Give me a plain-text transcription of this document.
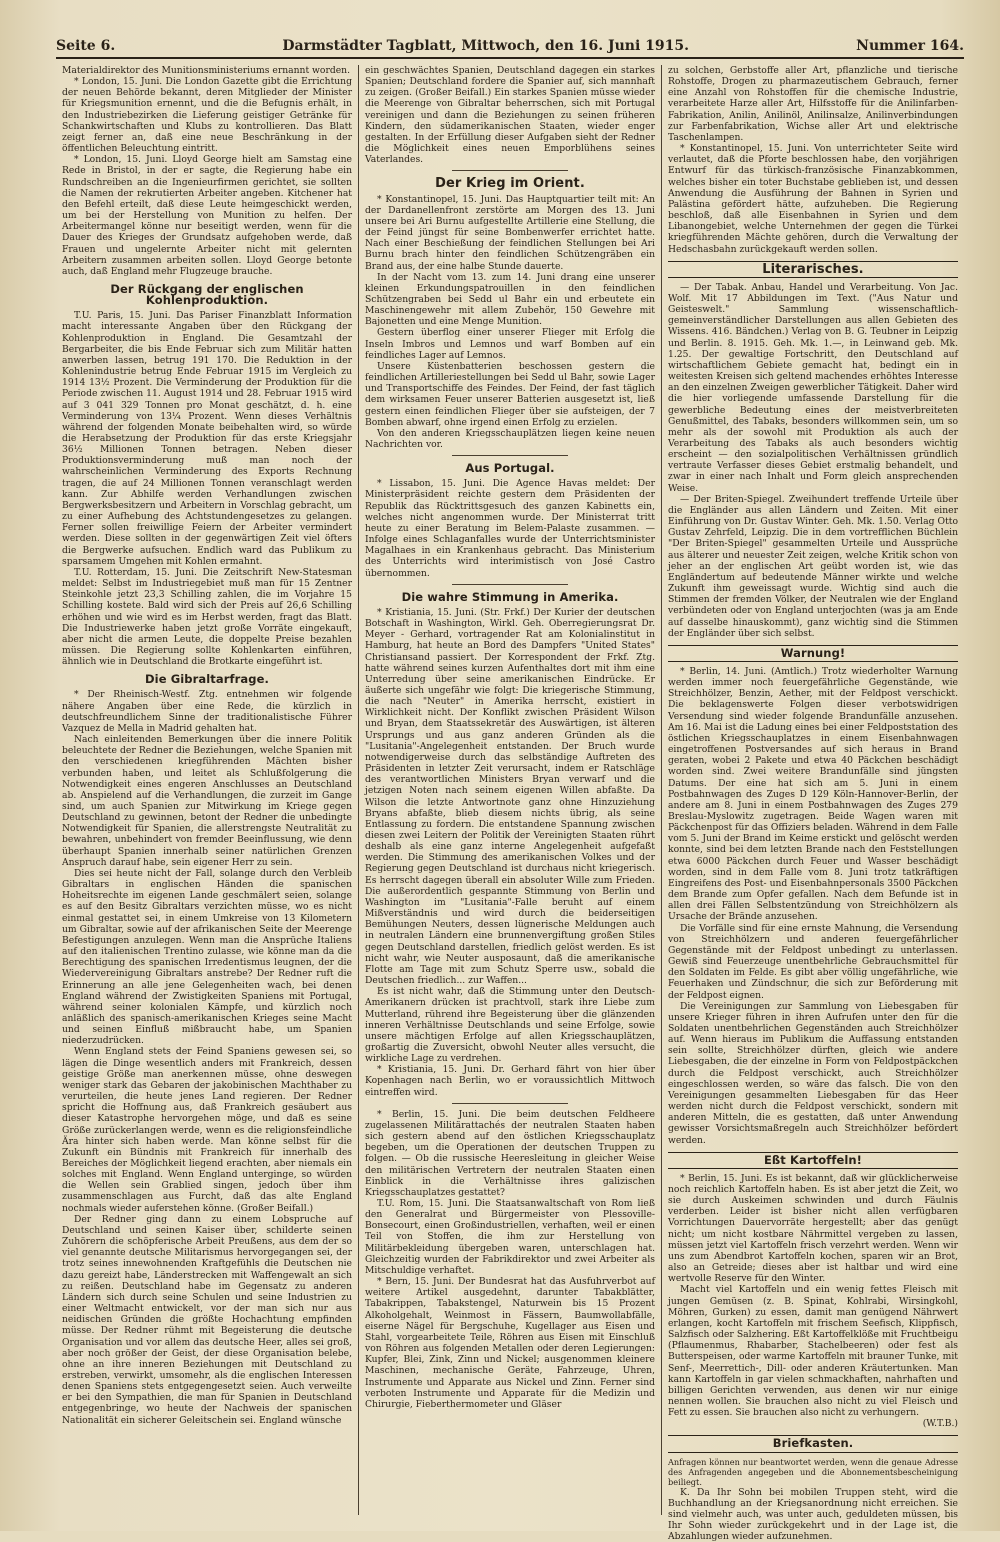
Seite 6.	Darmstädter Tagblatt, Mittwoch, den 16. Juni 1915.	Nummer 164.

Materialdirektor des Munitionsministeriums ernannt worden.

* London, 15. Juni. Die London Gazette gibt die Errichtung der neuen Behörde bekannt, deren Mitglieder der Minister für Kriegsmunition ernennt, und die die Befugnis erhält, in den Industriebezirken die Lieferung geistiger Getränke für Schankwirtschaften und Klubs zu kontrollieren. Das Blatt zeigt ferner an, daß eine neue Beschränkung in der öffentlichen Beleuchtung eintritt.

* London, 15. Juni. Lloyd George hielt am Samstag eine Rede in Bristol, in der er sagte, die Regierung habe ein Rundschreiben an die Ingenieurfirmen gerichtet, sie sollten die Namen der rekrutierten Arbeiter angeben. Kitchener hat den Befehl erteilt, daß diese Leute heimgeschickt werden, um bei der Herstellung von Munition zu helfen. Der Arbeitermangel könne nur beseitigt werden, wenn für die Dauer des Krieges der Grundsatz aufgehoben werde, daß Frauen und ungelernte Arbeiter nicht mit gelernten Arbeitern zusammen arbeiten sollen. Lloyd George betonte auch, daß England mehr Flugzeuge brauche.

Der Rückgang der englischen Kohlenproduktion.

T.U. Paris, 15. Juni. Das Pariser Finanzblatt Information macht interessante Angaben über den Rückgang der Kohlenproduktion in England. Die Gesamtzahl der Bergarbeiter, die bis Ende Februar sich zum Militär hatten anwerben lassen, betrug 191 170. Die Reduktion in der Kohlenindustrie betrug Ende Februar 1915 im Vergleich zu 1914 13½ Prozent. Die Verminderung der Produktion für die Periode zwischen 11. August 1914 und 28. Februar 1915 wird auf 3 041 329 Tonnen pro Monat geschätzt, d. h. eine Verminderung von 13¼ Prozent. Wenn dieses Verhältnis während der folgenden Monate beibehalten wird, so würde die Herabsetzung der Produktion für das erste Kriegsjahr 36½ Millionen Tonnen betragen. Neben dieser Produktionsverminderung muß man noch der wahrscheinlichen Verminderung des Exports Rechnung tragen, die auf 24 Millionen Tonnen veranschlagt werden kann. Zur Abhilfe werden Verhandlungen zwischen Bergwerksbesitzern und Arbeitern in Vorschlag gebracht, um zu einer Aufhebung des Achtstundengesetzes zu gelangen. Ferner sollen freiwillige Feiern der Arbeiter vermindert werden. Diese sollten in der gegenwärtigen Zeit viel öfters die Bergwerke aufsuchen. Endlich ward das Publikum zu sparsamem Umgehen mit Kohlen ermahnt.

T.U. Rotterdam, 15. Juni. Die Zeitschrift New-Statesman meldet: Selbst im Industriegebiet muß man für 15 Zentner Steinkohle jetzt 23,3 Schilling zahlen, die im Vorjahre 15 Schilling kostete. Bald wird sich der Preis auf 26,6 Schilling erhöhen und wie wird es im Herbst werden, fragt das Blatt. Die Industriewerke haben jetzt große Vorräte eingekauft, aber nicht die armen Leute, die doppelte Preise bezahlen müssen. Die Regierung sollte Kohlenkarten einführen, ähnlich wie in Deutschland die Brotkarte eingeführt ist.

Die Gibraltarfrage.

* Der Rheinisch-Westf. Ztg. entnehmen wir folgende nähere Angaben über eine Rede, die kürzlich in deutschfreundlichem Sinne der traditionalistische Führer Vazquez de Mella in Madrid gehalten hat.

Nach einleitenden Bemerkungen über die innere Politik beleuchtete der Redner die Beziehungen, welche Spanien mit den verschiedenen kriegführenden Mächten bisher verbunden haben, und leitet als Schlußfolgerung die Notwendigkeit eines engeren Anschlusses an Deutschland ab. Anspielend auf die Verhandlungen, die zurzeit im Gange sind, um auch Spanien zur Mitwirkung im Kriege gegen Deutschland zu gewinnen, betont der Redner die unbedingte Notwendigkeit für Spanien, die allerstrengste Neutralität zu bewahren, unbehindert von fremder Beeinflussung, wie denn überhaupt Spanien innerhalb seiner natürlichen Grenzen Anspruch darauf habe, sein eigener Herr zu sein.

Dies sei heute nicht der Fall, solange durch den Verbleib Gibraltars in englischen Händen die spanischen Hoheitsrechte im eigenen Lande geschmälert seien, solange es auf den Besitz Gibraltars verzichten müsse, wo es nicht einmal gestattet sei, in einem Umkreise von 13 Kilometern um Gibraltar, sowie auf der afrikanischen Seite der Meerenge Befestigungen anzulegen. Wenn man die Ansprüche Italiens auf den italienischen Trentino zulasse, wie könne man da die Berechtigung des spanischen Irredentismus leugnen, der die Wiedervereinigung Gibraltars anstrebe? Der Redner ruft die Erinnerung an alle jene Gelegenheiten wach, bei denen England während der Zwistigkeiten Spaniens mit Portugal, während seiner kolonialen Kämpfe, und kürzlich noch anläßlich des spanisch-amerikanischen Krieges seine Macht und seinen Einfluß mißbraucht habe, um Spanien niederzudrücken.

Wenn England stets der Feind Spaniens gewesen sei, so lägen die Dinge wesentlich anders mit Frankreich, dessen geistige Größe man anerkennen müsse, ohne deswegen weniger stark das Gebaren der jakobinischen Machthaber zu verurteilen, die heute jenes Land regieren. Der Redner spricht die Hoffnung aus, daß Frankreich gesäubert aus dieser Katastrophe hervorgehen möge, und daß es seine Größe zurückerlangen werde, wenn es die religionsfeindliche Ära hinter sich haben werde. Man könne selbst für die Zukunft ein Bündnis mit Frankreich für innerhalb des Bereiches der Möglichkeit liegend erachten, aber niemals ein solches mit England. Wenn England unterginge, so würden die Wellen sein Grablied singen, jedoch über ihm zusammenschlagen aus Furcht, daß das alte England nochmals wieder auferstehen könne. (Großer Beifall.)

Der Redner ging dann zu einem Lobspruche auf Deutschland und seinen Kaiser über, schilderte seinen Zuhörern die schöpferische Arbeit Preußens, aus dem der so viel genannte deutsche Militarismus hervorgegangen sei, der trotz seines innewohnenden Kraftgefühls die Deutschen nie dazu gereizt habe, Länderstrecken mit Waffengewalt an sich zu reißen. Deutschland habe im Gegensatz zu anderen Ländern sich durch seine Schulen und seine Industrien zu einer Weltmacht entwickelt, vor der man sich nur aus neidischen Gründen die größte Hochachtung empfinden müsse. Der Redner rühmt mit Begeisterung die deutsche Organisation und vor allem das deutsche Heer, alles sei groß, aber noch größer der Geist, der diese Organisation belebe, ohne an ihre inneren Beziehungen mit Deutschland zu erstreben, verwirkt, umsomehr, als die englischen Interessen denen Spaniens stets entgegengesetzt seien. Auch verweilte er bei den Sympathien, die man für Spanien in Deutschland entgegenbringe, wo heute der Nachweis der spanischen Nationalität ein sicherer Geleitschein sei. England wünsche

ein geschwächtes Spanien, Deutschland dagegen ein starkes Spanien; Deutschland fordere die Spanier auf, sich mannhaft zu zeigen. (Großer Beifall.) Ein starkes Spanien müsse wieder die Meerenge von Gibraltar beherrschen, sich mit Portugal vereinigen und dann die Beziehungen zu seinen früheren Kindern, den südamerikanischen Staaten, wieder enger gestalten. In der Erfüllung dieser Aufgaben sieht der Redner die Möglichkeit eines neuen Emporblühens seines Vaterlandes.

Der Krieg im Orient.

* Konstantinopel, 15. Juni. Das Hauptquartier teilt mit: An der Dardanellenfront zerstörte am Morgen des 13. Juni unsere bei Ari Burnu aufgestellte Artillerie eine Stellung, die der Feind jüngst für seine Bombenwerfer errichtet hatte. Nach einer Beschießung der feindlichen Stellungen bei Ari Burnu brach hinter den feindlichen Schützengräben ein Brand aus, der eine halbe Stunde dauerte.

In der Nacht vom 13. zum 14. Juni drang eine unserer kleinen Erkundungspatrouillen in den feindlichen Schützengraben bei Sedd ul Bahr ein und erbeutete ein Maschinengewehr mit allem Zubehör, 150 Gewehre mit Bajonetten und eine Menge Munition.

Gestern überflog einer unserer Flieger mit Erfolg die Inseln Imbros und Lemnos und warf Bomben auf ein feindliches Lager auf Lemnos.

Unsere Küstenbatterien beschossen gestern die feindlichen Artilleriestellungen bei Sedd ul Bahr, sowie Lager und Transportschiffe des Feindes. Der Feind, der fast täglich dem wirksamen Feuer unserer Batterien ausgesetzt ist, ließ gestern einen feindlichen Flieger über sie aufsteigen, der 7 Bomben abwarf, ohne irgend einen Erfolg zu erzielen.

Von den anderen Kriegsschauplätzen liegen keine neuen Nachrichten vor.

Aus Portugal.

* Lissabon, 15. Juni. Die Agence Havas meldet: Der Ministerpräsident reichte gestern dem Präsidenten der Republik das Rücktrittsgesuch des ganzen Kabinetts ein, welches nicht angenommen wurde. Der Ministerrat tritt heute zu einer Beratung im Belem-Palaste zusammen. — Infolge eines Schlaganfalles wurde der Unterrichtsminister Magalhaes in ein Krankenhaus gebracht. Das Ministerium des Unterrichts wird interimistisch von José Castro übernommen.

Die wahre Stimmung in Amerika.

* Kristiania, 15. Juni. (Str. Frkf.) Der Kurier der deutschen Botschaft in Washington, Wirkl. Geh. Oberregierungsrat Dr. Meyer - Gerhard, vortragender Rat am Kolonialinstitut in Hamburg, hat heute an Bord des Dampfers "United States" Christiansand passiert. Der Korrespondent der Frkf. Ztg. hatte während seines kurzen Aufenthaltes dort mit ihm eine Unterredung über seine amerikanischen Eindrücke. Er äußerte sich ungefähr wie folgt: Die kriegerische Stimmung, die nach "Neuter" in Amerika herrscht, existiert in Wirklichkeit nicht. Der Konflikt zwischen Präsident Wilson und Bryan, dem Staatssekretär des Auswärtigen, ist älteren Ursprungs und aus ganz anderen Gründen als die "Lusitania"-Angelegenheit entstanden. Der Bruch wurde notwendigerweise durch das selbständige Auftreten des Präsidenten in letzter Zeit verursacht, indem er Ratschläge des verantwortlichen Ministers Bryan verwarf und die jetzigen Noten nach seinem eigenen Willen abfaßte. Da Wilson die letzte Antwortnote ganz ohne Hinzuziehung Bryans abfaßte, blieb diesem nichts übrig, als seine Entlassung zu fordern. Die entstandene Spannung zwischen diesen zwei Leitern der Politik der Vereinigten Staaten rührt deshalb als eine ganz interne Angelegenheit aufgefaßt werden. Die Stimmung des amerikanischen Volkes und der Regierung gegen Deutschland ist durchaus nicht kriegerisch. Es herrscht dagegen überall ein absoluter Wille zum Frieden. Die außerordentlich gespannte Stimmung von Berlin und Washington im "Lusitania"-Falle beruht auf einem Mißverständnis und wird durch die beiderseitigen Bemühungen Neuters, dessen lügnerische Meldungen auch in neutralen Ländern eine brunnenvergiftung großen Stiles gegen Deutschland darstellen, friedlich gelöst werden. Es ist nicht wahr, wie Neuter ausposaunt, daß die amerikanische Flotte am Tage mit zum Schutz Sperre usw., sobald die Deutschen friedlich... zur Waffen...

Es ist nicht wahr, daß die Stimmung unter den Deutsch-Amerikanern drücken ist prachtvoll, stark ihre Liebe zum Mutterland, rührend ihre Begeisterung über die glänzenden inneren Verhältnisse Deutschlands und seine Erfolge, sowie unsere mächtigen Erfolge auf allen Kriegsschauplätzen, großartig die Zuversicht, obwohl Neuter alles versucht, die wirkliche Lage zu verdrehen.

* Kristiania, 15. Juni. Dr. Gerhard fährt von hier über Kopenhagen nach Berlin, wo er voraussichtlich Mittwoch eintreffen wird.

* Berlin, 15. Juni. Die beim deutschen Feldheere zugelassenen Militärattachés der neutralen Staaten haben sich gestern abend auf den östlichen Kriegsschauplatz begeben, um die Operationen der deutschen Truppen zu folgen. — Ob die russische Heeresleitung in gleicher Weise den militärischen Vertretern der neutralen Staaten einen Einblick in die Verhältnisse ihres galizischen Kriegsschauplatzes gestattet?

T.U. Rom, 15. Juni. Die Staatsanwaltschaft von Rom ließ den Generalrat und Bürgermeister von Plessoville-Bonsecourt, einen Großindustriellen, verhaften, weil er einen Teil von Stoffen, die ihm zur Herstellung von Militärbekleidung übergeben waren, unterschlagen hat. Gleichzeitig wurden der Fabrikdirektor und zwei Arbeiter als Mitschuldige verhaftet.

* Bern, 15. Juni. Der Bundesrat hat das Ausfuhrverbot auf weitere Artikel ausgedehnt, darunter Tabakblätter, Tabakrippen, Tabakstengel, Naturwein bis 15 Prozent Alkoholgehalt, Weinmost in Fässern, Baumwollabfälle, eiserne Nägel für Bergschuhe, Kugellager aus Eisen und Stahl, vorgearbeitete Teile, Röhren aus Eisen mit Einschluß von Röhren aus folgenden Metallen oder deren Legierungen: Kupfer, Blei, Zink, Zinn und Nickel; ausgenommen kleinere Maschinen, mechanische Geräte, Fahrzeuge, Uhren, Instrumente und Apparate aus Nickel und Zinn. Ferner sind verboten Instrumente und Apparate für die Medizin und Chirurgie, Fieberthermometer und Gläser

zu solchen, Gerbstoffe aller Art, pflanzliche und tierische Rohstoffe, Drogen zu pharmazeutischem Gebrauch, ferner eine Anzahl von Rohstoffen für die chemische Industrie, verarbeitete Harze aller Art, Hilfsstoffe für die Anilinfarben-Fabrikation, Anilin, Anilinöl, Anilinsalze, Anilinverbindungen zur Farbenfabrikation, Wichse aller Art und elektrische Taschenlampen.

* Konstantinopel, 15. Juni. Von unterrichteter Seite wird verlautet, daß die Pforte beschlossen habe, den vorjährigen Entwurf für das türkisch-französische Finanzabkommen, welches bisher ein toter Buchstabe geblieben ist, und dessen Anwendung die Ausführung der Bahnen in Syrien und Palästina gefördert hätte, aufzuheben. Die Regierung beschloß, daß alle Eisenbahnen in Syrien und dem Libanongebiet, welche Unternehmen der gegen die Türkei kriegführenden Mächte gehören, durch die Verwaltung der Hedschasbahn zurückgekauft werden sollen.

Literarisches.

— Der Tabak. Anbau, Handel und Verarbeitung. Von Jac. Wolf. Mit 17 Abbildungen im Text. ("Aus Natur und Geisteswelt." Sammlung wissenschaftlich-gemeinverständlicher Darstellungen aus allen Gebieten des Wissens. 416. Bändchen.) Verlag von B. G. Teubner in Leipzig und Berlin. 8. 1915. Geh. Mk. 1.—, in Leinwand geb. Mk. 1.25. Der gewaltige Fortschritt, den Deutschland auf wirtschaftlichem Gebiete gemacht hat, bedingt ein in weitesten Kreisen sich geltend machendes erhöhtes Interesse an den einzelnen Zweigen gewerblicher Tätigkeit. Daher wird die hier vorliegende umfassende Darstellung für die gewerbliche Bedeutung eines der meistverbreiteten Genußmittel, des Tabaks, besonders willkommen sein, um so mehr als der sowohl mit Produktion als auch der Verarbeitung des Tabaks als auch besonders wichtig erscheint — den sozialpolitischen Verhältnissen gründlich vertraute Verfasser dieses Gebiet erstmalig behandelt, und zwar in einer nach Inhalt und Form gleich ansprechenden Weise.

— Der Briten-Spiegel. Zweihundert treffende Urteile über die Engländer aus allen Ländern und Zeiten. Mit einer Einführung von Dr. Gustav Winter. Geh. Mk. 1.50. Verlag Otto Gustav Zehrfeld, Leipzig. Die in dem vortrefflichen Büchlein "Der Briten-Spiegel" gesammelten Urteile und Aussprüche aus älterer und neuester Zeit zeigen, welche Kritik schon von jeher an der englischen Art geübt worden ist, wie das Engländertum auf bedeutende Männer wirkte und welche Zukunft ihm geweissagt wurde. Wichtig sind auch die Stimmen der fremden Völker, der Neutralen wie der England verbündeten oder von England unterjochten (was ja am Ende auf dasselbe hinauskommt), ganz wichtig sind die Stimmen der Engländer über sich selbst.

Warnung!

* Berlin, 14. Juni. (Amtlich.) Trotz wiederholter Warnung werden immer noch feuergefährliche Gegenstände, wie Streichhölzer, Benzin, Aether, mit der Feldpost verschickt. Die beklagenswerte Folgen dieser verbotswidrigen Versendung sind wieder folgende Brandunfälle anzusehen. Am 16. Mai ist die Ladung eines bei einer Feldpoststation des östlichen Kriegsschauplatzes in einem Eisenbahnwagen eingetroffenen Postversandes auf sich heraus in Brand geraten, wobei 2 Pakete und etwa 40 Päckchen beschädigt worden sind. Zwei weitere Brandunfälle sind jüngsten Datums. Der eine hat sich am 5. Juni in einem Postbahnwagen des Zuges D 129 Köln-Hannover-Berlin, der andere am 8. Juni in einem Postbahnwagen des Zuges 279 Breslau-Myslowitz zugetragen. Beide Wagen waren mit Päckchenpost für das Offiziers beladen. Während in dem Falle vom 5. Juni der Brand im Keime erstickt und gelöscht werden konnte, sind bei dem letzten Brande nach den Feststellungen etwa 6000 Päckchen durch Feuer und Wasser beschädigt worden, sind in dem Falle vom 8. Juni trotz tatkräftigen Eingreifens des Post- und Eisenbahnpersonals 3500 Päckchen dem Brande zum Opfer gefallen. Nach dem Befunde ist in allen drei Fällen Selbstentzündung von Streichhölzern als Ursache der Brände anzusehen.

Die Vorfälle sind für eine ernste Mahnung, die Versendung von Streichhölzern und anderen feuergefährlicher Gegenstände mit der Feldpost unbedingt zu unterlassen. Gewiß sind Feuerzeuge unentbehrliche Gebrauchsmittel für den Soldaten im Felde. Es gibt aber völlig ungefährliche, wie Feuerhaken und Zündschnur, die sich zur Beförderung mit der Feldpost eignen.

Die Vereinigungen zur Sammlung von Liebesgaben für unsere Krieger führen in ihren Aufrufen unter den für die Soldaten unentbehrlichen Gegenständen auch Streichhölzer auf. Wenn hieraus im Publikum die Auffassung entstanden sein sollte, Streichhölzer dürften, gleich wie andere Liebesgaben, die der einzelne in Form von Feldpostpäckchen durch die Feldpost verschickt, auch Streichhölzer eingeschlossen werden, so wäre das falsch. Die von den Vereinigungen gesammelten Liebesgaben für das Heer werden nicht durch die Feldpost verschickt, sondern mit anderen Mitteln, die es gestatten, daß unter Anwendung gewisser Vorsichtsmaßregeln auch Streichhölzer befördert werden.

Eßt Kartoffeln!

* Berlin, 15. Juni. Es ist bekannt, daß wir glücklicherweise noch reichlich Kartoffeln haben. Es ist aber jetzt die Zeit, wo sie durch Auskeimen schwinden und durch Fäulnis verderben. Leider ist bisher nicht allen verfügbaren Vorrichtungen Dauervorräte hergestellt; aber das genügt nicht; um nicht kostbare Nährmittel vergeben zu lassen, müssen jetzt viel Kartoffeln frisch verzehrt werden. Wenn wir uns zum Abendbrot Kartoffeln kochen, sparen wir an Brot, also an Getreide; dieses aber ist haltbar und wird eine wertvolle Reserve für den Winter.

Macht viel Kartoffeln und ein wenig fettes Fleisch mit jungen Gemüsen (z. B. Spinat, Kohlrabi, Wirsingkohl, Möhren, Gurken) zu essen, damit man genügend Nährwert erlangen, kocht Kartoffeln mit frischem Seefisch, Klippfisch, Salzfisch oder Salzhering. Eßt Kartoffelklöße mit Fruchtbeigu (Pflaumenmus, Rhabarber, Stachelbeeren) oder fest als Butterspeisen, oder warme Kartoffeln mit brauner Tunke, mit Senf-, Meerrettich-, Dill- oder anderen Kräutertunken. Man kann Kartoffeln in gar vielen schmackhaften, nahrhaften und billigen Gerichten verwenden, aus denen wir nur einige nennen wollen. Sie brauchen also nicht zu viel Fleisch und Fett zu essen. Sie brauchen also nicht zu verhungern.

(W.T.B.)

Briefkasten.

Anfragen können nur beantwortet werden, wenn die genaue Adresse des Anfragenden angegeben und die Abonnementsbescheinigung beiliegt.

K. Da Ihr Sohn bei mobilen Truppen steht, wird die Buchhandlung an der Kriegsanordnung nicht erreichen. Sie sind vielmehr auch, was unter auch, geduldeten müssen, bis Ihr Sohn wieder zurückgekehrt und in der Lage ist, die Abzahlungen wieder aufzunehmen.
